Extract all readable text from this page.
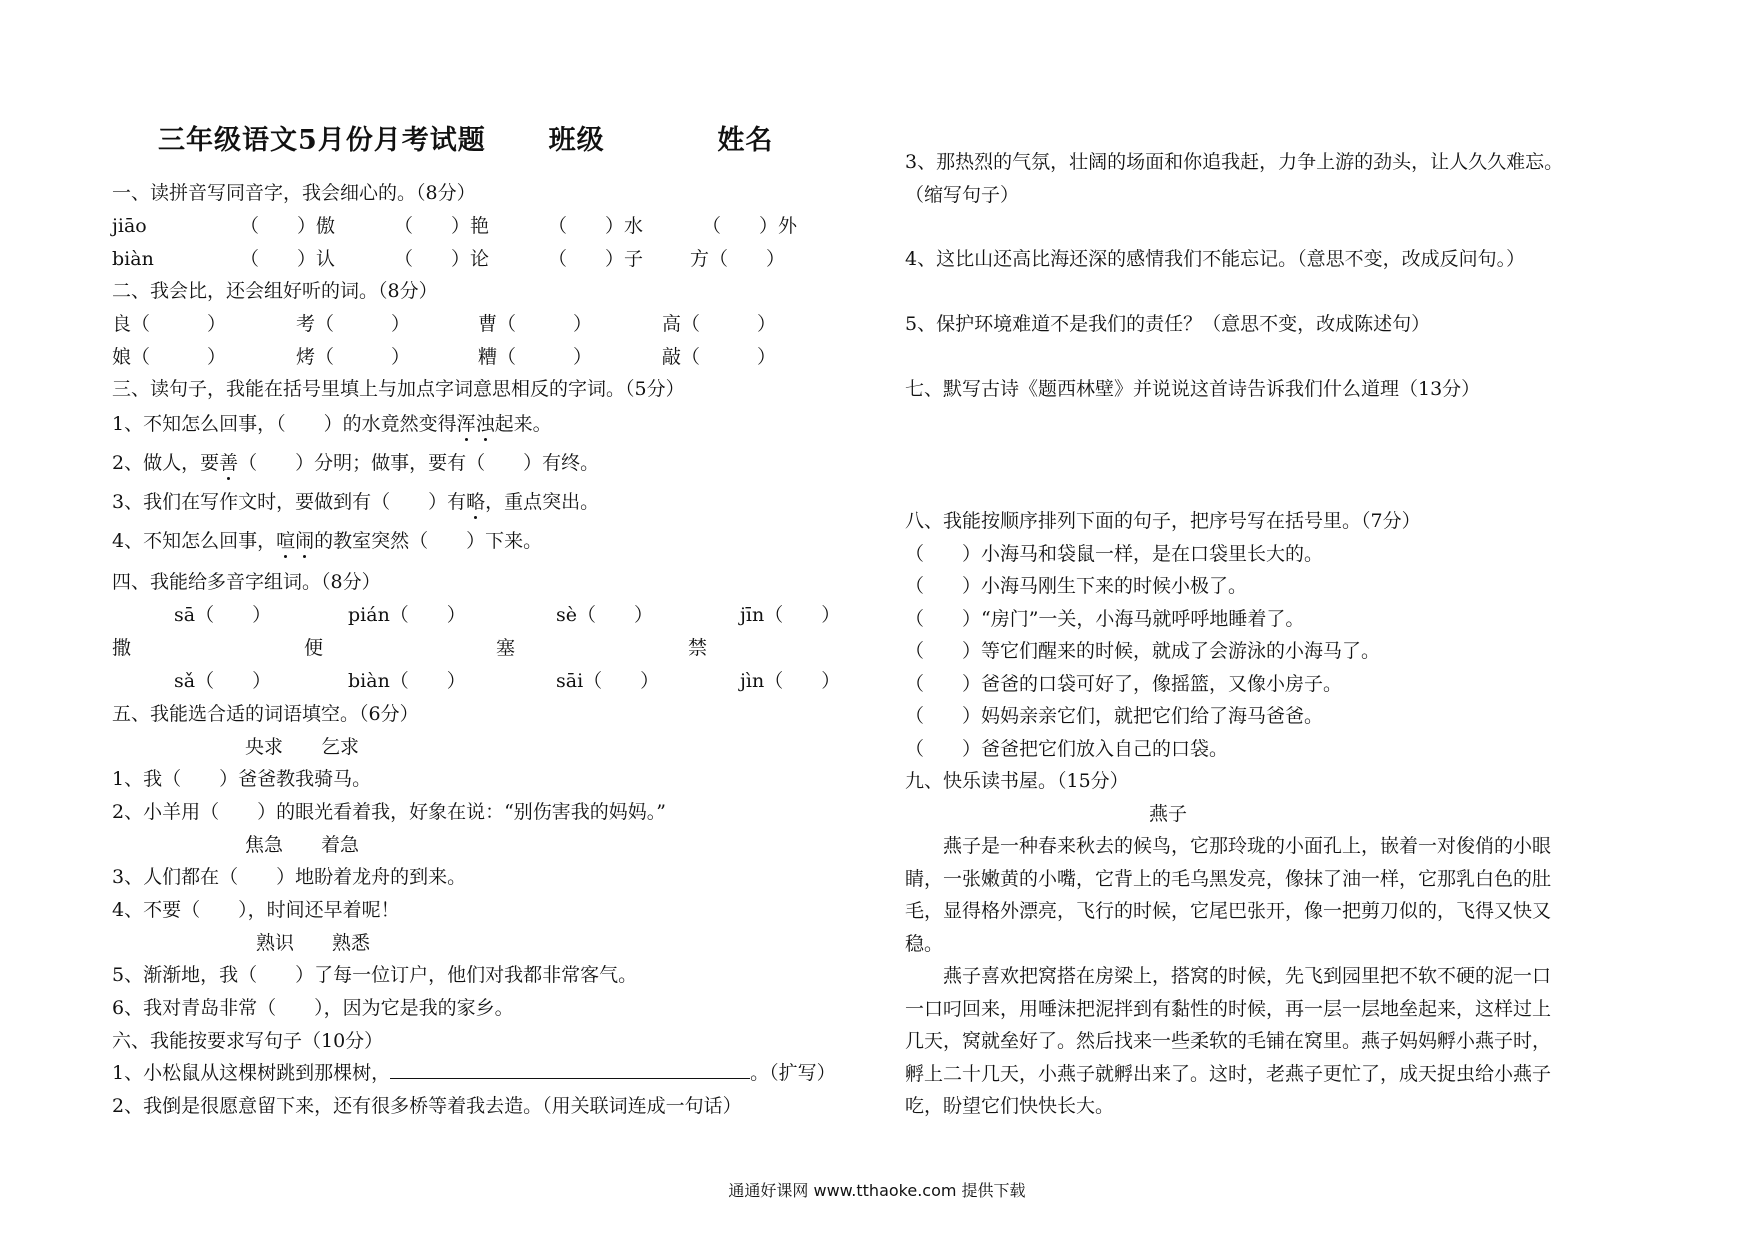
三年级语文5月份月考试题 班级	姓名
一、读拼音写同音字，我会细心的。（8分）
jiāo	（　　）傲	（　　）艳	（　　）水	（　　）外
biàn	（　　）认	（　　）论	（　　）子 方（　　）
二、我会比，还会组好听的词。（8分）
良（　　　）	考（　　　）	曹（　　　）	高（　　　）
娘（　　　）	烤（　　　）	糟（　　　）	敲（　　　）
三、读句子，我能在括号里填上与加点字词意思相反的字词。（5分）
1、不知怎么回事，（　　）的水竟然变得浑浊起来。
2、做人，要善（　　）分明；做事，要有（　　）有终。
3、我们在写作文时，要做到有（　　）有略，重点突出。
4、不知怎么回事，喧闹的教室突然（　　）下来。
四、我能给多音字组词。（8分）
sā（　　）	pián（　　）	sè（　　）	jīn（　　）
撒	便	塞	禁
sǎ（　　）	biàn（　　）	sāi（　　）	jìn（　　）
五、我能选合适的词语填空。（6分）
央求　　乞求
1、我（　　）爸爸教我骑马。
2、小羊用（　　）的眼光看着我，好象在说：“别伤害我的妈妈。”
焦急　　着急
3、人们都在（　　）地盼着龙舟的到来。
4、不要（　　），时间还早着呢！
熟识　　熟悉
5、渐渐地，我（　　）了每一位订户，他们对我都非常客气。
6、我对青岛非常（　　），因为它是我的家乡。
六、我能按要求写句子（10分）
1、小松鼠从这棵树跳到那棵树，	。（扩写）
2、我倒是很愿意留下来，还有很多桥等着我去造。（用关联词连成一句话）
3、那热烈的气氛，壮阔的场面和你追我赶，力争上游的劲头，让人久久难忘。
（缩写句子）
4、这比山还高比海还深的感情我们不能忘记。（意思不变，改成反问句。）
5、保护环境难道不是我们的责任？（意思不变，改成陈述句）
七、默写古诗《题西林壁》并说说这首诗告诉我们什么道理（13分）
八、我能按顺序排列下面的句子，把序号写在括号里。（7分）
（　　）小海马和袋鼠一样，是在口袋里长大的。
（　　）小海马刚生下来的时候小极了。
（　　）“房门”一关，小海马就呼呼地睡着了。
（　　）等它们醒来的时候，就成了会游泳的小海马了。
（　　）爸爸的口袋可好了，像摇篮，又像小房子。
（　　）妈妈亲亲它们，就把它们给了海马爸爸。
（　　）爸爸把它们放入自己的口袋。
九、快乐读书屋。（15分）
燕子
　　燕子是一种春来秋去的候鸟，它那玲珑的小面孔上，嵌着一对俊俏的小眼
睛，一张嫩黄的小嘴，它背上的毛乌黑发亮，像抹了油一样，它那乳白色的肚
毛，显得格外漂亮，飞行的时候，它尾巴张开，像一把剪刀似的，飞得又快又
稳。
　　燕子喜欢把窝搭在房梁上，搭窝的时候，先飞到园里把不软不硬的泥一口
一口叼回来，用唾沫把泥拌到有黏性的时候，再一层一层地垒起来，这样过上
几天，窝就垒好了。然后找来一些柔软的毛铺在窝里。燕子妈妈孵小燕子时，
孵上二十几天，小燕子就孵出来了。这时，老燕子更忙了，成天捉虫给小燕子
吃，盼望它们快快长大。
通通好课网 www.tthaoke.com 提供下载
